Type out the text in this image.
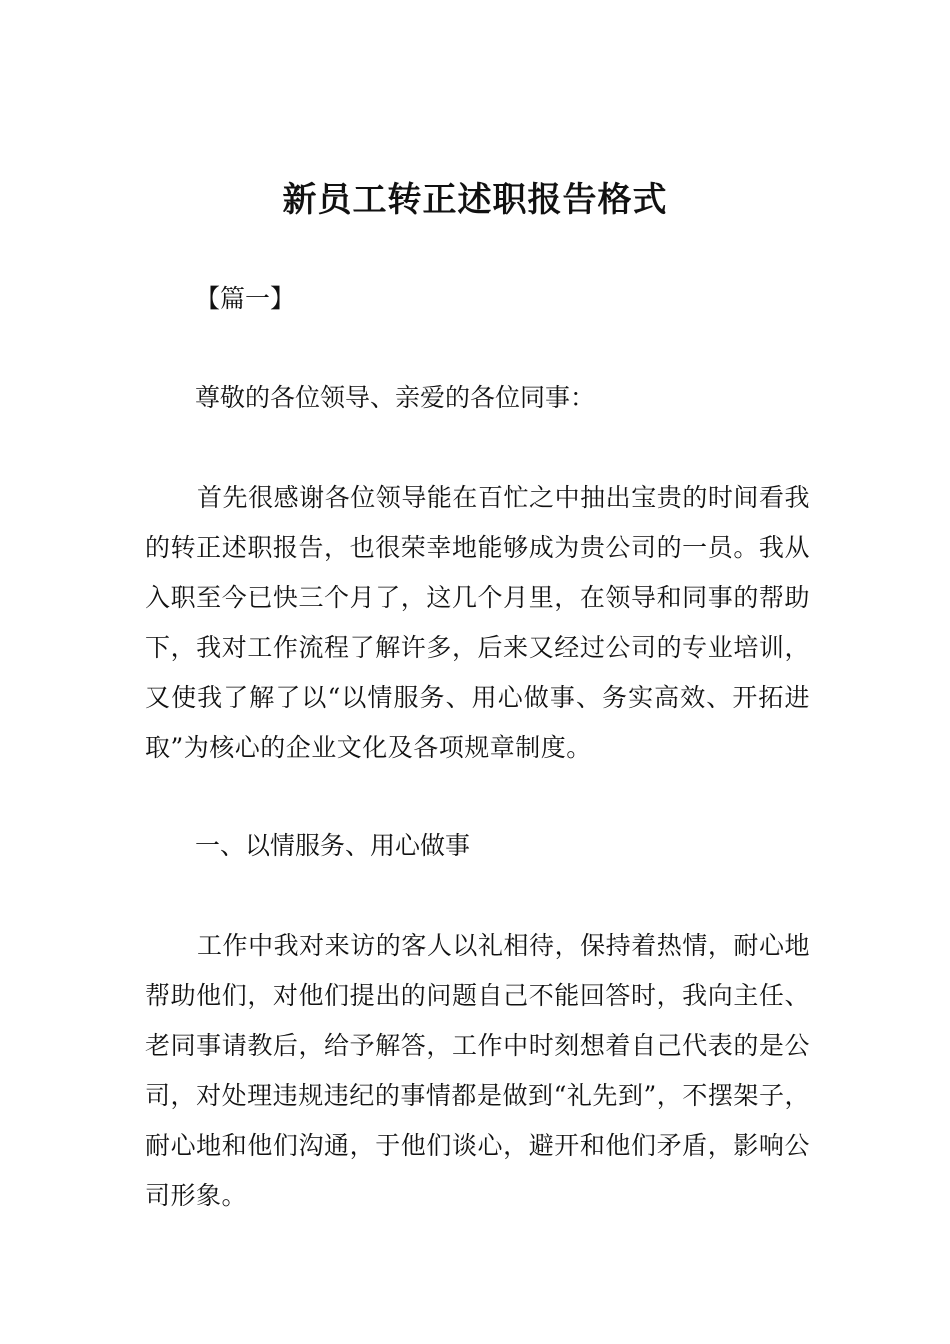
新员工转正述职报告格式

【篇一】

尊敬的各位领导、亲爱的各位同事：

首先很感谢各位领导能在百忙之中抽出宝贵的时间看我的转正述职报告，也很荣幸地能够成为贵公司的一员。我从入职至今已快三个月了，这几个月里，在领导和同事的帮助下，我对工作流程了解许多，后来又经过公司的专业培训，又使我了解了以“以情服务、用心做事、务实高效、开拓进取”为核心的企业文化及各项规章制度。

一、以情服务、用心做事

工作中我对来访的客人以礼相待，保持着热情，耐心地帮助他们，对他们提出的问题自己不能回答时，我向主任、老同事请教后，给予解答，工作中时刻想着自己代表的是公司，对处理违规违纪的事情都是做到“礼先到”，不摆架子，耐心地和他们沟通，于他们谈心，避开和他们矛盾，影响公司形象。
